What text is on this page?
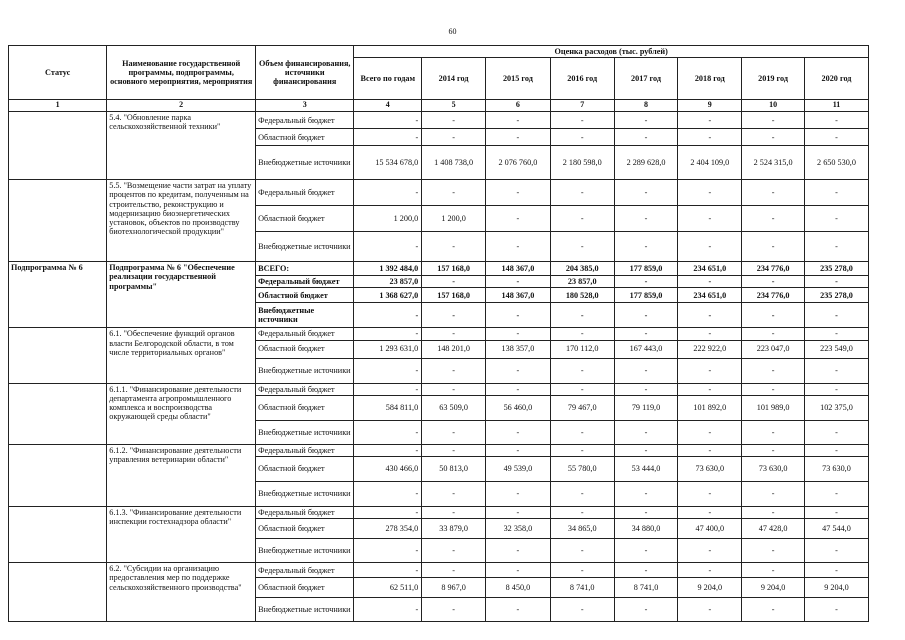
60
Статус	Наименование государственной программы, подпрограммы, основного мероприятия, мероприятия	Объем финансирования, источники финансирования	Оценка расходов (тыс. рублей)							
			Всего по годам	2014 год	2015 год	2016 год	2017 год	2018 год	2019 год	2020 год
1	2	3	4	5	6	7	8	9	10	11
	5.4. "Обновление парка сельскохозяйственной техники"	Федеральный бюджет	-	-	-	-	-	-	-	-
		Областной бюджет	-	-	-	-	-	-	-	-
		Внебюджетные источники	15 534 678,0	1 408 738,0	2 076 760,0	2 180 598,0	2 289 628,0	2 404 109,0	2 524 315,0	2 650 530,0
	5.5. "Возмещение части затрат на уплату процентов по кредитам, полученным на строительство, реконструкцию и модернизацию биоэнергетических установок, объектов по производству биотехнологической продукции"	Федеральный бюджет	-	-	-	-	-	-	-	-
		Областной бюджет	1 200,0	1 200,0	-	-	-	-	-	-
		Внебюджетные источники	-	-	-	-	-	-	-	-
Подпрограмма № 6	Подпрограмма № 6 "Обеспечение реализации государственной программы"	ВСЕГО:	1 392 484,0	157 168,0	148 367,0	204 385,0	177 859,0	234 651,0	234 776,0	235 278,0
		Федеральный бюджет	23 857,0	-	-	23 857,0	-	-	-	-
		Областной бюджет	1 368 627,0	157 168,0	148 367,0	180 528,0	177 859,0	234 651,0	234 776,0	235 278,0
		Внебюджетные источники	-	-	-	-	-	-	-	-
	6.1. "Обеспечение функций органов власти Белгородской области, в том числе территориальных органов"	Федеральный бюджет	-	-	-	-	-	-	-	-
		Областной бюджет	1 293 631,0	148 201,0	138 357,0	170 112,0	167 443,0	222 922,0	223 047,0	223 549,0
		Внебюджетные источники	-	-	-	-	-	-	-	-
	6.1.1. "Финансирование деятельности департамента агропромышленного комплекса и воспроизводства окружающей среды области"	Федеральный бюджет	-	-	-	-	-	-	-	-
		Областной бюджет	584 811,0	63 509,0	56 460,0	79 467,0	79 119,0	101 892,0	101 989,0	102 375,0
		Внебюджетные источники	-	-	-	-	-	-	-	-
	6.1.2. "Финансирование деятельности управления ветеринарии области"	Федеральный бюджет	-	-	-	-	-	-	-	-
		Областной бюджет	430 466,0	50 813,0	49 539,0	55 780,0	53 444,0	73 630,0	73 630,0	73 630,0
		Внебюджетные источники	-	-	-	-	-	-	-	-
	6.1.3. "Финансирование деятельности инспекции гостехнадзора области"	Федеральный бюджет	-	-	-	-	-	-	-	-
		Областной бюджет	278 354,0	33 879,0	32 358,0	34 865,0	34 880,0	47 400,0	47 428,0	47 544,0
		Внебюджетные источники	-	-	-	-	-	-	-	-
	6.2. "Субсидии на организацию предоставления мер по поддержке сельскохозяйственного производства"	Федеральный бюджет	-	-	-	-	-	-	-	-
		Областной бюджет	62 511,0	8 967,0	8 450,0	8 741,0	8 741,0	9 204,0	9 204,0	9 204,0
		Внебюджетные источники	-	-	-	-	-	-	-	-
